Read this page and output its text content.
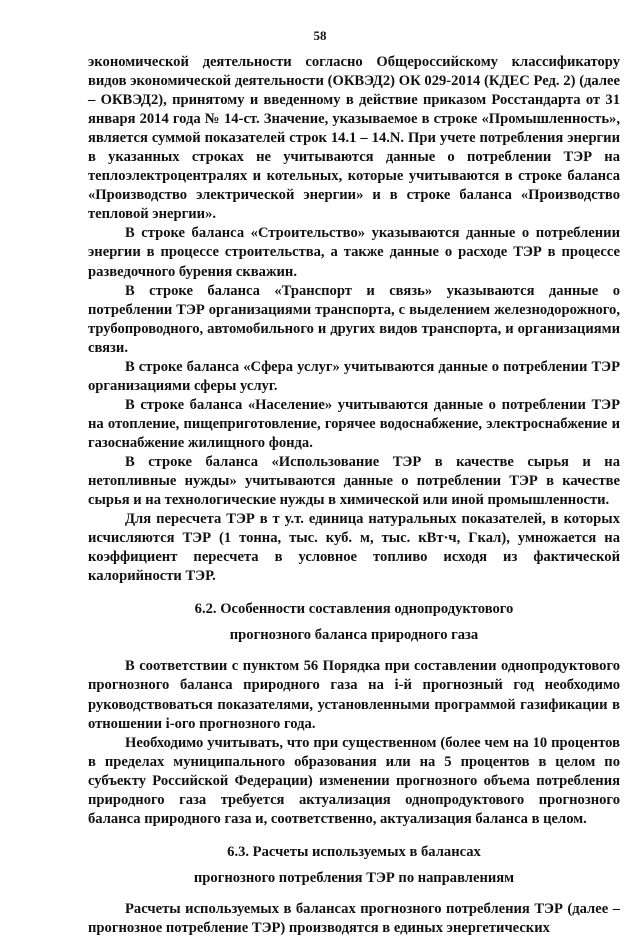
58

экономической деятельности согласно Общероссийскому классификатору видов экономической деятельности (ОКВЭД2) ОК 029-2014 (КДЕС Ред. 2) (далее – ОКВЭД2), принятому и введенному в действие приказом Росстандарта от 31 января 2014 года № 14-ст. Значение, указываемое в строке «Промышленность», является суммой показателей строк 14.1 – 14.N. При учете потребления энергии в указанных строках не учитываются данные о потреблении ТЭР на теплоэлектроцентралях и котельных, которые учитываются в строке баланса «Производство электрической энергии» и в строке баланса «Производство тепловой энергии».

В строке баланса «Строительство» указываются данные о потреблении энергии в процессе строительства, а также данные о расходе ТЭР в процессе разведочного бурения скважин.

В строке баланса «Транспорт и связь» указываются данные о потреблении ТЭР организациями транспорта, с выделением железнодорожного, трубопроводного, автомобильного и других видов транспорта, и организациями связи.

В строке баланса «Сфера услуг» учитываются данные о потреблении ТЭР организациями сферы услуг.

В строке баланса «Население» учитываются данные о потреблении ТЭР на отопление, пищеприготовление, горячее водоснабжение, электроснабжение и газоснабжение жилищного фонда.

В строке баланса «Использование ТЭР в качестве сырья и на нетопливные нужды» учитываются данные о потреблении ТЭР в качестве сырья и на технологические нужды в химической или иной промышленности.

Для пересчета ТЭР в т у.т. единица натуральных показателей, в которых исчисляются ТЭР (1 тонна, тыс. куб. м, тыс. кВт·ч, Гкал), умножается на коэффициент пересчета в условное топливо исходя из фактической калорийности ТЭР.

6.2. Особенности составления однопродуктового
прогнозного баланса природного газа

В соответствии с пунктом 56 Порядка при составлении однопродуктового прогнозного баланса природного газа на i-й прогнозный год необходимо руководствоваться показателями, установленными программой газификации в отношении i-ого прогнозного года.

Необходимо учитывать, что при существенном (более чем на 10 процентов в пределах муниципального образования или на 5 процентов в целом по субъекту Российской Федерации) изменении прогнозного объема потребления природного газа требуется актуализация однопродуктового прогнозного баланса природного газа и, соответственно, актуализация баланса в целом.

6.3. Расчеты используемых в балансах
прогнозного потребления ТЭР по направлениям

Расчеты используемых в балансах прогнозного потребления ТЭР (далее – прогнозное потребление ТЭР) производятся в единых энергетических
